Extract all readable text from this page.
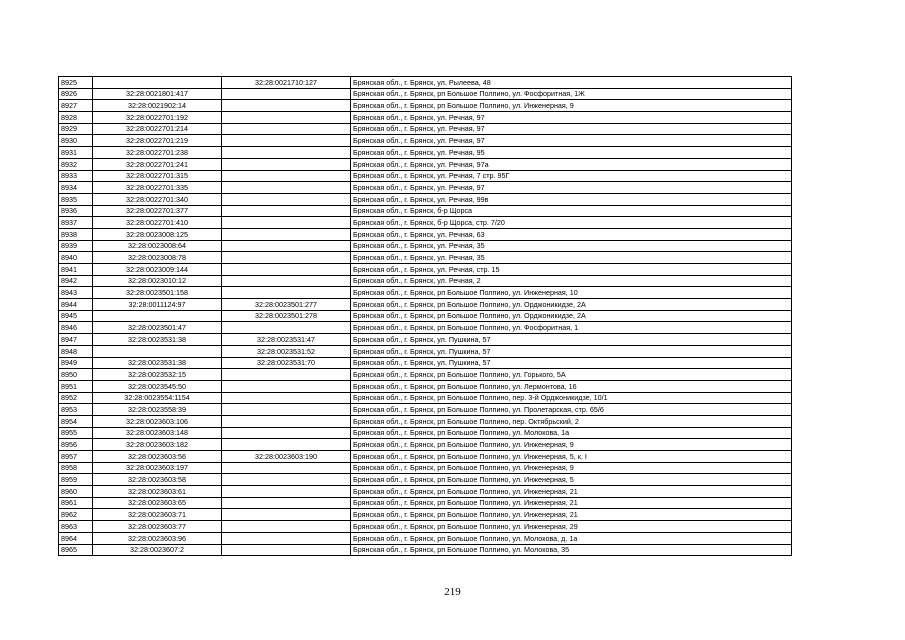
8925		32:28:0021710:127	Брянская обл., г. Брянск, ул. Рылеева, 48
8926	32:28:0021801:417		Брянская обл., г. Брянск, рп Большое Полпино, ул. Фосфоритная, 1Ж
8927	32:28:0021902:14		Брянская обл., г. Брянск, рп Большое Полпино, ул. Инженерная, 9
8928	32:28:0022701:192		Брянская обл., г. Брянск, ул. Речная, 97
8929	32:28:0022701:214		Брянская обл., г. Брянск, ул. Речная, 97
8930	32:28:0022701:219		Брянская обл., г. Брянск, ул. Речная, 97
8931	32:28:0022701:238		Брянская обл., г. Брянск, ул. Речная, 95
8932	32:28:0022701:241		Брянская обл., г. Брянск, ул. Речная, 97а
8933	32:28:0022701:315		Брянская обл., г. Брянск, ул. Речная, 7 стр. 95Г
8934	32:28:0022701:335		Брянская обл., г. Брянск, ул. Речная, 97
8935	32:28:0022701:340		Брянская обл., г. Брянск, ул. Речная, 99в
8936	32:28:0022701:377		Брянская обл., г. Брянск, б-р Щорса
8937	32:28:0022701:410		Брянская обл., г. Брянск, б-р Щорса, стр. 7/20
8938	32:28:0023008:125		Брянская обл., г. Брянск, ул. Речная, 63
8939	32:28:0023008:64		Брянская обл., г. Брянск, ул. Речная, 35
8940	32:28:0023008:78		Брянская обл., г. Брянск, ул. Речная, 35
8941	32:28:0023009:144		Брянская обл., г. Брянск, ул. Речная, стр. 15
8942	32:28:0023010:12		Брянская обл., г. Брянск, ул. Речная, 2
8943	32:28:0023501:158		Брянская обл., г. Брянск, рп Большое Полпино, ул. Инженерная, 10
8944	32:28:0011124:97	32:28:0023501:277	Брянская обл., г. Брянск, рп Большое Полпино, ул. Орджоникидзе, 2А
8945		32:28:0023501:278	Брянская обл., г. Брянск, рп Большое Полпино, ул. Орджоникидзе, 2А
8946	32:28:0023501:47		Брянская обл., г. Брянск, рп Большое Полпино, ул. Фосфоритная, 1
8947	32:28:0023531:38	32:28:0023531:47	Брянская обл., г. Брянск, ул. Пушкина, 57
8948		32:28:0023531:52	Брянская обл., г. Брянск, ул. Пушкина, 57
8949	32:28:0023531:38	32:28:0023531:70	Брянская обл., г. Брянск, ул. Пушкина, 57
8950	32:28:0023532:15		Брянская обл., г. Брянск, рп Большое Полпино, ул. Горького, 5А
8951	32:28:0023545:50		Брянская обл., г. Брянск, рп Большое Полпино, ул. Лермонтова, 16
8952	32:28:0023554:1154		Брянская обл., г. Брянск, рп Большое Полпино, пер. 3-й Орджоникидзе, 10/1
8953	32:28:0023558:39		Брянская обл., г. Брянск, рп Большое Полпино, ул. Пролетарская, стр. 65/6
8954	32:28:0023603:106		Брянская обл., г. Брянск, рп Большое Полпино, пер. Октябрьский, 2
8955	32:28:0023603:148		Брянская обл., г. Брянск, рп Большое Полпино, ул. Молокова, 1а
8956	32:28:0023603:182		Брянская обл., г. Брянск, рп Большое Полпино, ул. Инженерная, 9
8957	32:28:0023603:56	32:28:0023603:190	Брянская обл., г. Брянск, рп Большое Полпино, ул. Инженерная, 5, к. I
8958	32:28:0023603:197		Брянская обл., г. Брянск, рп Большое Полпино, ул. Инженерная, 9
8959	32:28:0023603:58		Брянская обл., г. Брянск, рп Большое Полпино, ул. Инженерная, 5
8960	32:28:0023603:61		Брянская обл., г. Брянск, рп Большое Полпино, ул. Инженерная, 21
8961	32:28:0023603:65		Брянская обл., г. Брянск, рп Большое Полпино, ул. Инженерная, 21
8962	32:28:0023603:71		Брянская обл., г. Брянск, рп Большое Полпино, ул. Инженерная, 21
8963	32:28:0023603:77		Брянская обл., г. Брянск, рп Большое Полпино, ул. Инженерная, 29
8964	32:28:0023603:96		Брянская обл., г. Брянск, рп Большое Полпино, ул. Молокова, д. 1а
8965	32:28:0023607:2		Брянская обл., г. Брянск, рп Большое Полпино, ул. Молокова, 35
219
